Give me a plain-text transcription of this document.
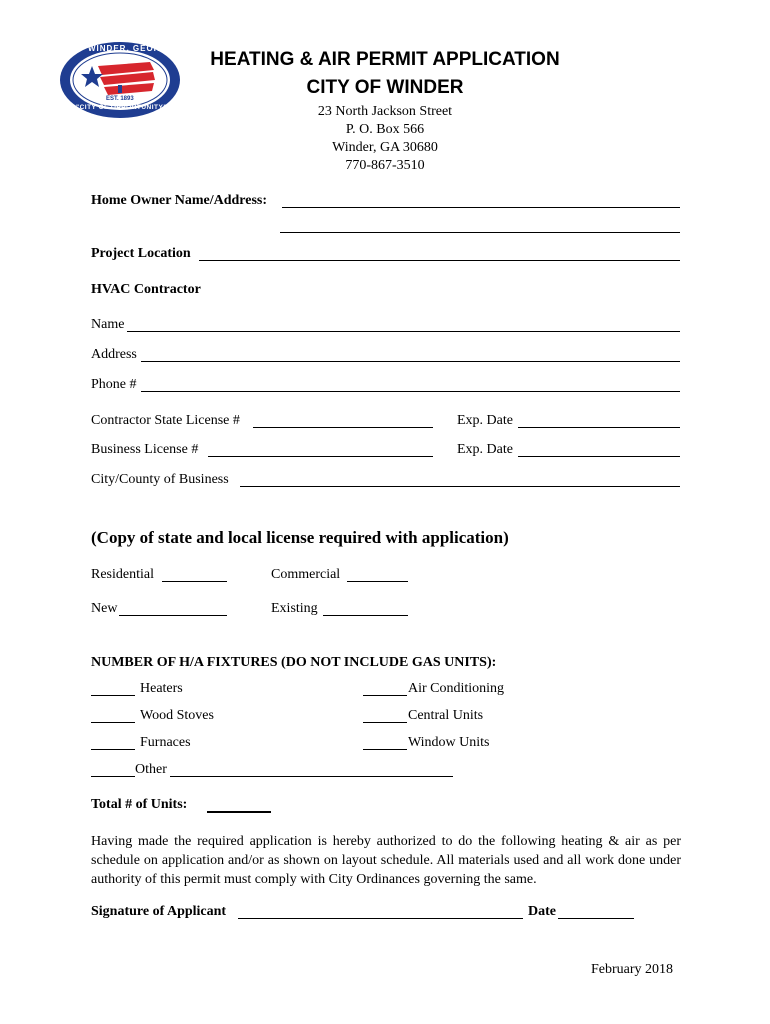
WINDER, GEORGIA
EST. 1893
"CITY OF OPPORTUNITY"
HEATING & AIR PERMIT APPLICATION
CITY OF WINDER
23 North Jackson Street
P. O. Box 566
Winder, GA 30680
770-867-3510
Home Owner Name/Address:
Project Location
HVAC Contractor
Name
Address
Phone #
Contractor State License #	Exp. Date
Business License #	Exp. Date
City/County of Business
(Copy of state and local license required with application)
Residential	Commercial
New	Existing
NUMBER OF H/A FIXTURES (DO NOT INCLUDE GAS UNITS):
Heaters	Air Conditioning
Wood Stoves	Central Units
Furnaces	Window Units
Other
Total # of Units:
Having made the required application is hereby authorized to do the following heating & air as per schedule on application and/or as shown on layout schedule. All materials used and all work done under authority of this permit must comply with City Ordinances governing the same.
Signature of Applicant	Date
February 2018
